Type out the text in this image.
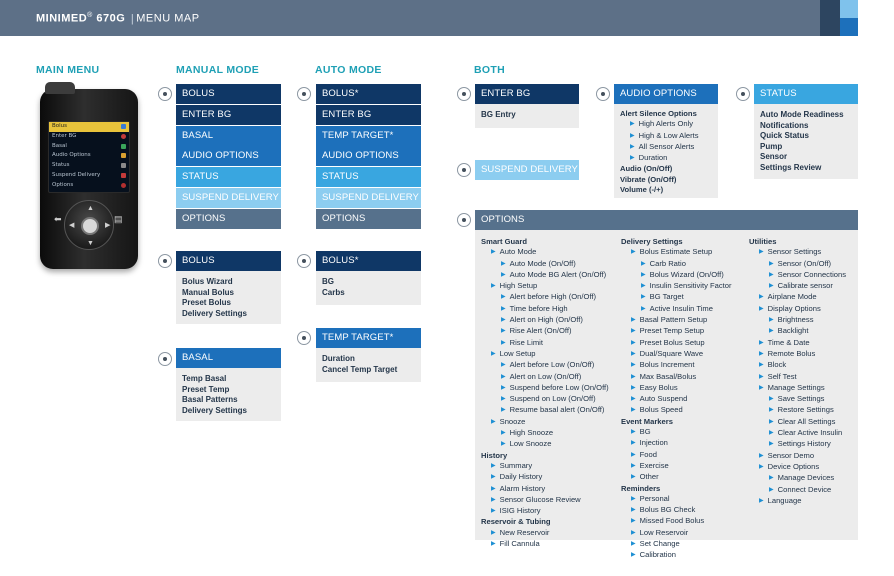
MINIMED® 670G | MENU MAP
MAIN MENU	MANUAL MODE	AUTO MODE	BOTH
Bolus
Enter BG
Basal
Audio Options
Status
Suspend Delivery
Options
⬅	▤
▲
▼
◀	▶
BOLUS
ENTER BG
BASAL
AUDIO OPTIONS
STATUS
SUSPEND DELIVERY
OPTIONS
BOLUS*
ENTER BG
TEMP TARGET*
AUDIO OPTIONS
STATUS
SUSPEND DELIVERY
OPTIONS
BOLUS
Bolus Wizard
Manual Bolus
Preset Bolus
Delivery Settings
BASAL
Temp Basal
Preset Temp
Basal Patterns
Delivery Settings
BOLUS*
BG
Carbs
TEMP TARGET*
Duration
Cancel Temp Target
ENTER BG
BG Entry
SUSPEND DELIVERY
AUDIO OPTIONS
Alert Silence Options
▶ High Alerts Only
▶ High & Low Alerts
▶ All Sensor Alerts
▶ Duration
Audio (On/Off)
Vibrate (On/Off)
Volume (-/+)
STATUS
Auto Mode Readiness
Notifications
Quick Status
Pump
Sensor
Settings Review
OPTIONS
Smart Guard
▶ Auto Mode
▶ Auto Mode (On/Off)
▶ Auto Mode BG Alert (On/Off)
▶ High Setup
▶ Alert before High (On/Off)
▶ Time before High
▶ Alert on High (On/Off)
▶ Rise Alert (On/Off)
▶ Rise Limit
▶ Low Setup
▶ Alert before Low (On/Off)
▶ Alert on Low (On/Off)
▶ Suspend before Low (On/Off)
▶ Suspend on Low (On/Off)
▶ Resume basal alert (On/Off)
▶ Snooze
▶ High Snooze
▶ Low Snooze
History
▶ Summary
▶ Daily History
▶ Alarm History
▶ Sensor Glucose Review
▶ ISIG History
Reservoir & Tubing
▶ New Reservoir
▶ Fill Cannula
Delivery Settings
▶ Bolus Estimate Setup
▶ Carb Ratio
▶ Bolus Wizard (On/Off)
▶ Insulin Sensitivity Factor
▶ BG Target
▶ Active Insulin Time
▶ Basal Pattern Setup
▶ Preset Temp Setup
▶ Preset Bolus Setup
▶ Dual/Square Wave
▶ Bolus Increment
▶ Max Basal/Bolus
▶ Easy Bolus
▶ Auto Suspend
▶ Bolus Speed
Event Markers
▶ BG
▶ Injection
▶ Food
▶ Exercise
▶ Other
Reminders
▶ Personal
▶ Bolus BG Check
▶ Missed Food Bolus
▶ Low Reservoir
▶ Set Change
▶ Calibration
Utilities
▶ Sensor Settings
▶ Sensor (On/Off)
▶ Sensor Connections
▶ Calibrate sensor
▶ Airplane Mode
▶ Display Options
▶ Brightness
▶ Backlight
▶ Time & Date
▶ Remote Bolus
▶ Block
▶ Self Test
▶ Manage Settings
▶ Save Settings
▶ Restore Settings
▶ Clear All Settings
▶ Clear Active Insulin
▶ Settings History
▶ Sensor Demo
▶ Device Options
▶ Manage Devices
▶ Connect Device
▶ Language
